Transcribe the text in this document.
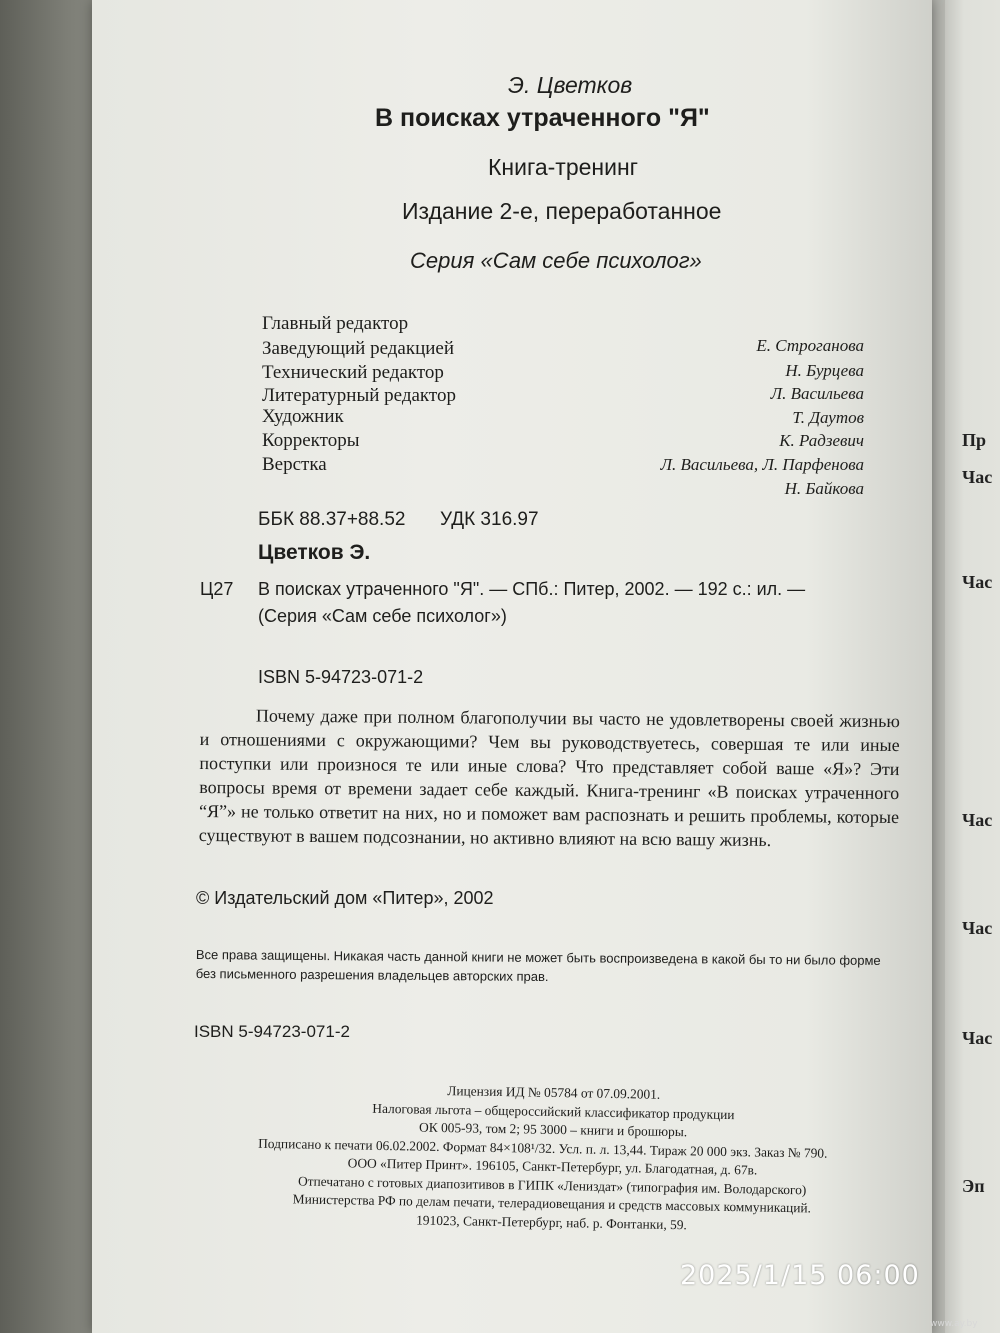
Пр
Час
Час
Час
Час
Час
Эп
Э. Цветков
В поисках утраченного "Я"
Книга-тренинг
Издание 2-е, переработанное
Серия «Сам себе психолог»
Главный редактор
Заведующий редакцией
Технический редактор
Литературный редактор
Художник
Корректоры
Верстка
Е. Строганова
Н. Бурцева
Л. Васильева
Т. Даутов
К. Радзевич
Л. Васильева, Л. Парфенова
Н. Байкова
ББК 88.37+88.52 УДК 316.97
Цветков Э.
Ц27 В поисках утраченного "Я". — СПб.: Питер, 2002. — 192 с.: ил. —
(Серия «Сам себе психолог»)
ISBN 5-94723-071-2
Почему даже при полном благополучии вы часто не удовлетворены своей жизнью и отношениями с окружающими? Чем вы руководствуетесь, совершая те или иные поступки или произнося те или иные слова? Что представляет собой ваше «Я»? Эти вопросы время от времени задает себе каждый. Книга-тренинг «В поисках утраченного “Я”» не только ответит на них, но и поможет вам распознать и решить проблемы, которые существуют в вашем подсознании, но активно влияют на всю вашу жизнь.
© Издательский дом «Питер», 2002
Все права защищены. Никакая часть данной книги не может быть воспроизведена в какой бы то ни было форме без письменного разрешения владельцев авторских прав.
ISBN 5-94723-071-2
Лицензия ИД № 05784 от 07.09.2001.
Налоговая льгота – общероссийский классификатор продукции
ОК 005-93, том 2; 95 3000 – книги и брошюры.
Подписано к печати 06.02.2002. Формат 84×108¹/32. Усл. п. л. 13,44. Тираж 20 000 экз. Заказ № 790.
ООО «Питер Принт». 196105, Санкт-Петербург, ул. Благодатная, д. 67в.
Отпечатано с готовых диапозитивов в ГИПК «Лениздат» (типография им. Володарского)
Министерства РФ по делам печати, телерадиовещания и средств массовых коммуникаций.
191023, Санкт-Петербург, наб. р. Фонтанки, 59.
2025/1/15 06:00
www.ay.by
